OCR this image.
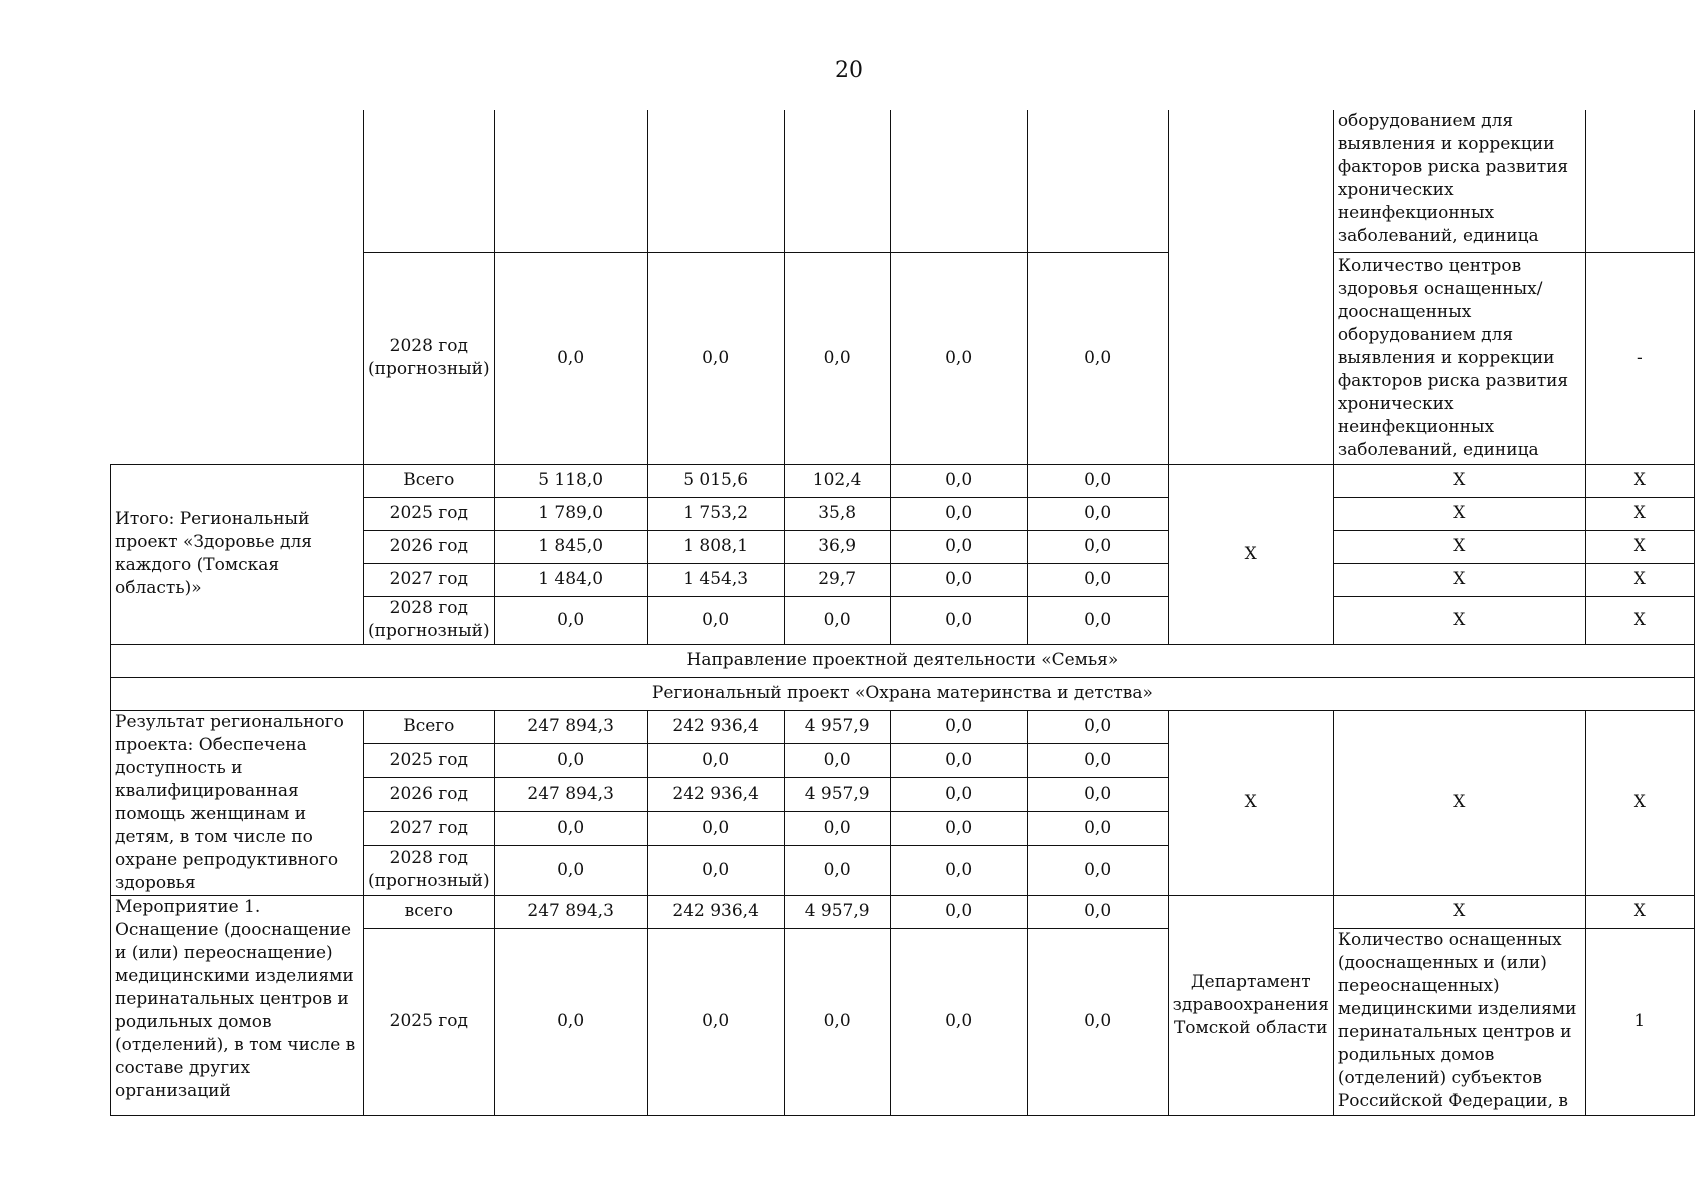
20
								оборудованием для выявления и коррекции факторов риска развития хронических неинфекционных заболеваний, единица	
	2028 год (прогнозный)	0,0	0,0	0,0	0,0	0,0		Количество центров здоровья оснащенных/дооснащенных оборудованием для выявления и коррекции факторов риска развития хронических неинфекционных заболеваний, единица	-
Итого: Региональный проект «Здоровье для каждого (Томская область)»	Всего	5 118,0	5 015,6	102,4	0,0	0,0	X	X	X
	2025 год	1 789,0	1 753,2	35,8	0,0	0,0		X	X
	2026 год	1 845,0	1 808,1	36,9	0,0	0,0		X	X
	2027 год	1 484,0	1 454,3	29,7	0,0	0,0		X	X
	2028 год (прогнозный)	0,0	0,0	0,0	0,0	0,0		X	X
Направление проектной деятельности «Семья»									
Региональный проект «Охрана материнства и детства»									
Результат регионального проекта: Обеспечена доступность и квалифицированная помощь женщинам и детям, в том числе по охране репродуктивного здоровья	Всего	247 894,3	242 936,4	4 957,9	0,0	0,0	X	X	X
	2025 год	0,0	0,0	0,0	0,0	0,0			
	2026 год	247 894,3	242 936,4	4 957,9	0,0	0,0			
	2027 год	0,0	0,0	0,0	0,0	0,0			
	2028 год (прогнозный)	0,0	0,0	0,0	0,0	0,0			
Мероприятие 1. Оснащение (дооснащение и (или) переоснащение) медицинскими изделиями перинатальных центров и родильных домов (отделений), в том числе в составе других организаций	всего	247 894,3	242 936,4	4 957,9	0,0	0,0	Департамент здравоохранения Томской области	X	X
	2025 год	0,0	0,0	0,0	0,0	0,0		Количество оснащенных (дооснащенных и (или) переоснащенных) медицинскими изделиями перинатальных центров и родильных домов (отделений) субъектов Российской Федерации, в	1
